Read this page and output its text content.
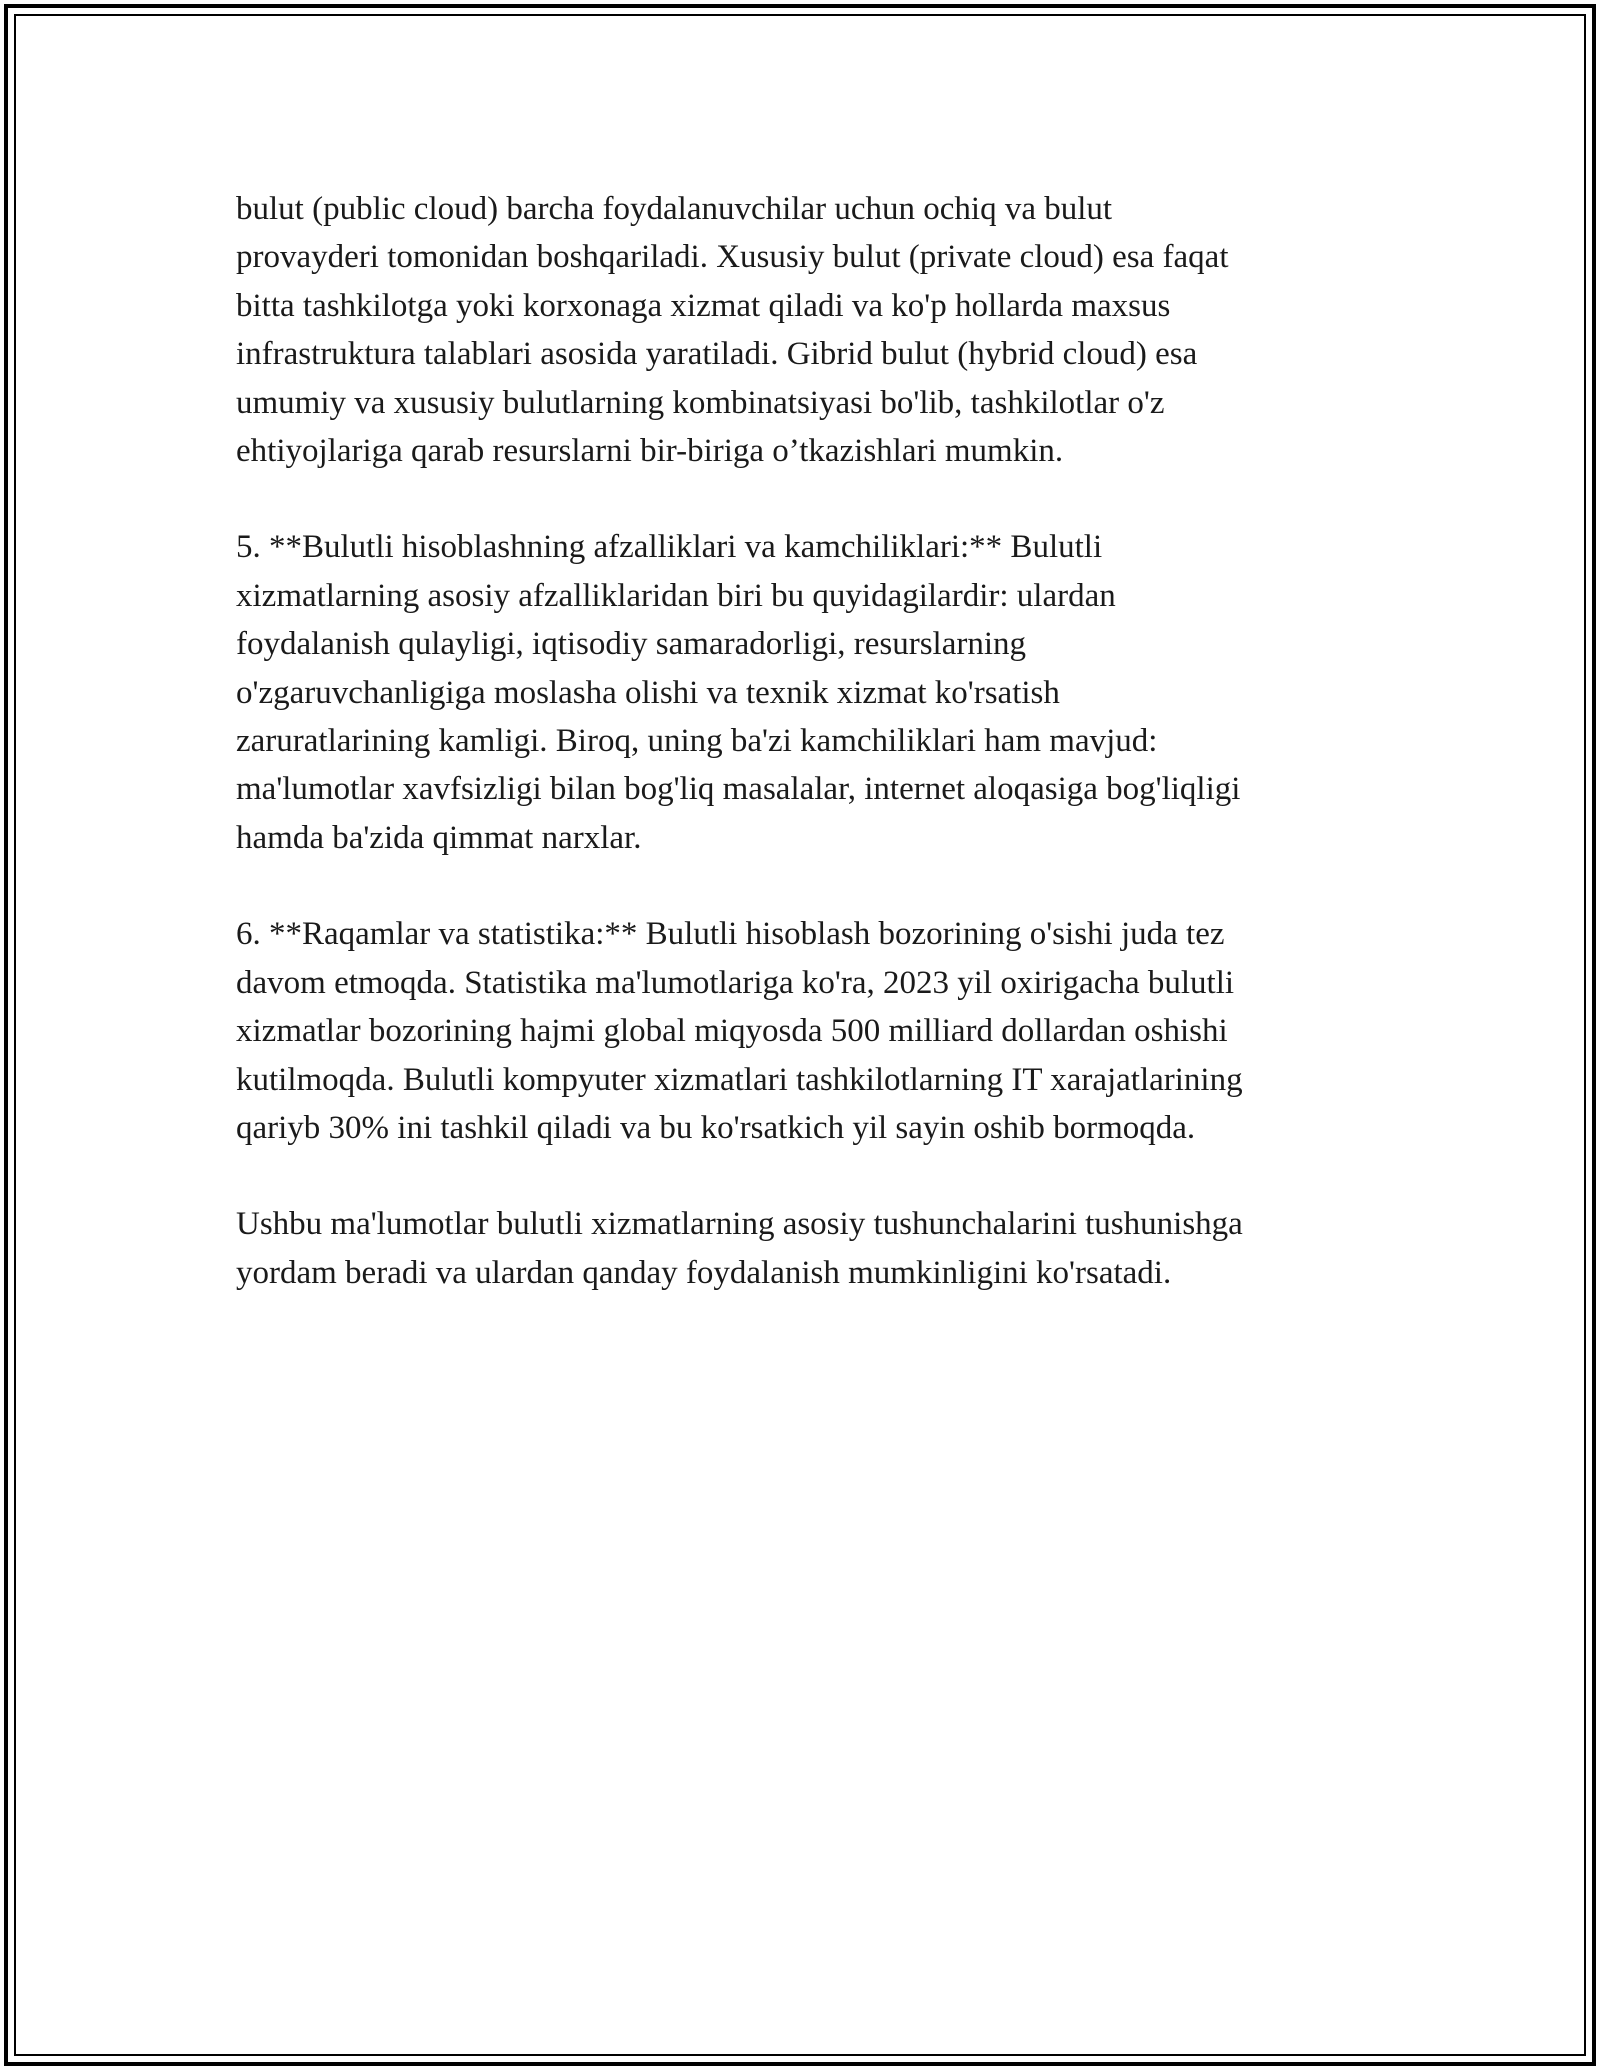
bulut (public cloud) barcha foydalanuvchilar uchun ochiq va bulut
provayderi tomonidan boshqariladi. Xususiy bulut (private cloud) esa faqat
bitta tashkilotga yoki korxonaga xizmat qiladi va ko'p hollarda maxsus
infrastruktura talablari asosida yaratiladi. Gibrid bulut (hybrid cloud) esa
umumiy va xususiy bulutlarning kombinatsiyasi bo'lib, tashkilotlar o'z
ehtiyojlariga qarab resurslarni bir-biriga o’tkazishlari mumkin.

5. **Bulutli hisoblashning afzalliklari va kamchiliklari:** Bulutli
xizmatlarning asosiy afzalliklaridan biri bu quyidagilardir: ulardan
foydalanish qulayligi, iqtisodiy samaradorligi, resurslarning
o'zgaruvchanligiga moslasha olishi va texnik xizmat ko'rsatish
zaruratlarining kamligi. Biroq, uning ba'zi kamchiliklari ham mavjud:
ma'lumotlar xavfsizligi bilan bog'liq masalalar, internet aloqasiga bog'liqligi
hamda ba'zida qimmat narxlar.

6. **Raqamlar va statistika:** Bulutli hisoblash bozorining o'sishi juda tez
davom etmoqda. Statistika ma'lumotlariga ko'ra, 2023 yil oxirigacha bulutli
xizmatlar bozorining hajmi global miqyosda 500 milliard dollardan oshishi
kutilmoqda. Bulutli kompyuter xizmatlari tashkilotlarning IT xarajatlarining
qariyb 30% ini tashkil qiladi va bu ko'rsatkich yil sayin oshib bormoqda.

Ushbu ma'lumotlar bulutli xizmatlarning asosiy tushunchalarini tushunishga
yordam beradi va ulardan qanday foydalanish mumkinligini ko'rsatadi.
